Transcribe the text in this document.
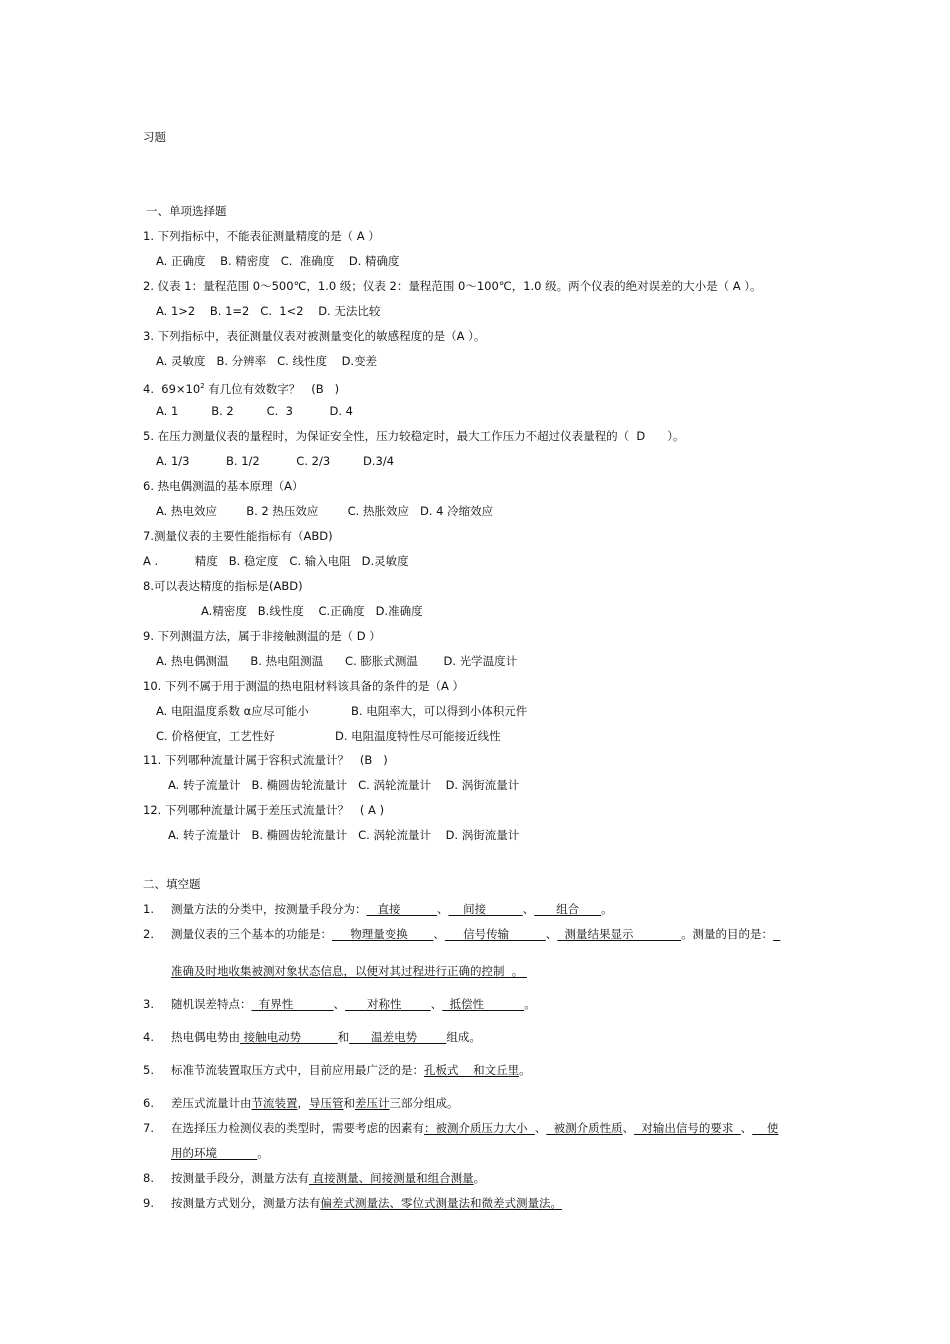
习题
一、单项选择题
1. 下列指标中，不能表征测量精度的是（ A ）
A. 正确度    B. 精密度   C.  准确度    D. 精确度
2. 仪表 1：量程范围 0～500℃，1.0 级；仪表 2：量程范围 0～100℃，1.0 级。两个仪表的绝对误差的大小是（ A ）。
A. 1>2    B. 1=2   C.  1<2    D. 无法比较
3. 下列指标中，表征测量仪表对被测量变化的敏感程度的是（A ）。
A. 灵敏度   B. 分辨率   C. 线性度    D.变差
4.  $69\times 10^2$ 有几位有效数字？   (B   )
A. 1         B. 2         C.  3          D. 4
5. 在压力测量仪表的量程时，为保证安全性，压力较稳定时，最大工作压力不超过仪表量程的（  D      ）。
A. 1/3          B. 1/2          C. 2/3         D.3/4
6. 热电偶测温的基本原理（A）
A. 热电效应        B. 2 热压效应        C. 热胀效应   D. 4 冷缩效应
7.测量仪表的主要性能指标有（ABD)
A .          精度   B. 稳定度   C. 输入电阻   D.灵敏度
8.可以表达精度的指标是(ABD)
A.精密度   B.线性度    C.正确度   D.准确度
9. 下列测温方法，属于非接触测温的是（ D ）
A. 热电偶测温      B. 热电阻测温      C. 膨胀式测温       D. 光学温度计
10. 下列不属于用于测温的热电阻材料该具备的条件的是（A ）
A. 电阻温度系数 α应尽可能小	B. 电阻率大，可以得到小体积元件
C. 价格便宜，工艺性好	D. 电阻温度特性尽可能接近线性
11. 下列哪种流量计属于容积式流量计？   (B   )
A. 转子流量计   B. 椭圆齿轮流量计   C. 涡轮流量计    D. 涡街流量计
12. 下列哪种流量计属于差压式流量计？   ( A )
A. 转子流量计   B. 椭圆齿轮流量计   C. 涡轮流量计    D. 涡街流量计
二、填空题
1. 测量方法的分类中，按测量手段分为：   直接          、    间接          、      组合      。
2. 测量仪表的三个基本的功能是：     物理量变换       、     信号传输          、  测量结果显示             。测量的目的是：
准确及时地收集被测对象状态信息，以便对其过程进行正确的控制  。
3. 随机误差特点：  有界性           、      对称性        、  抵偿性           。
4. 热电偶电势由 接触电动势          和      温差电势        组成。
5. 标准节流装置取压方式中，目前应用最广泛的是：孔板式    和文丘里。
6. 差压式流量计由节流装置，导压管和差压计三部分组成。
7. 在选择压力检测仪表的类型时，需要考虑的因素有：被测介质压力大小  、  被测介质性质、  对输出信号的要求  、    使
用的环境           。
8. 按测量手段分，测量方法有 直接测量、间接测量和组合测量。
9. 按测量方式划分，测量方法有偏差式测量法、零位式测量法和微差式测量法。
